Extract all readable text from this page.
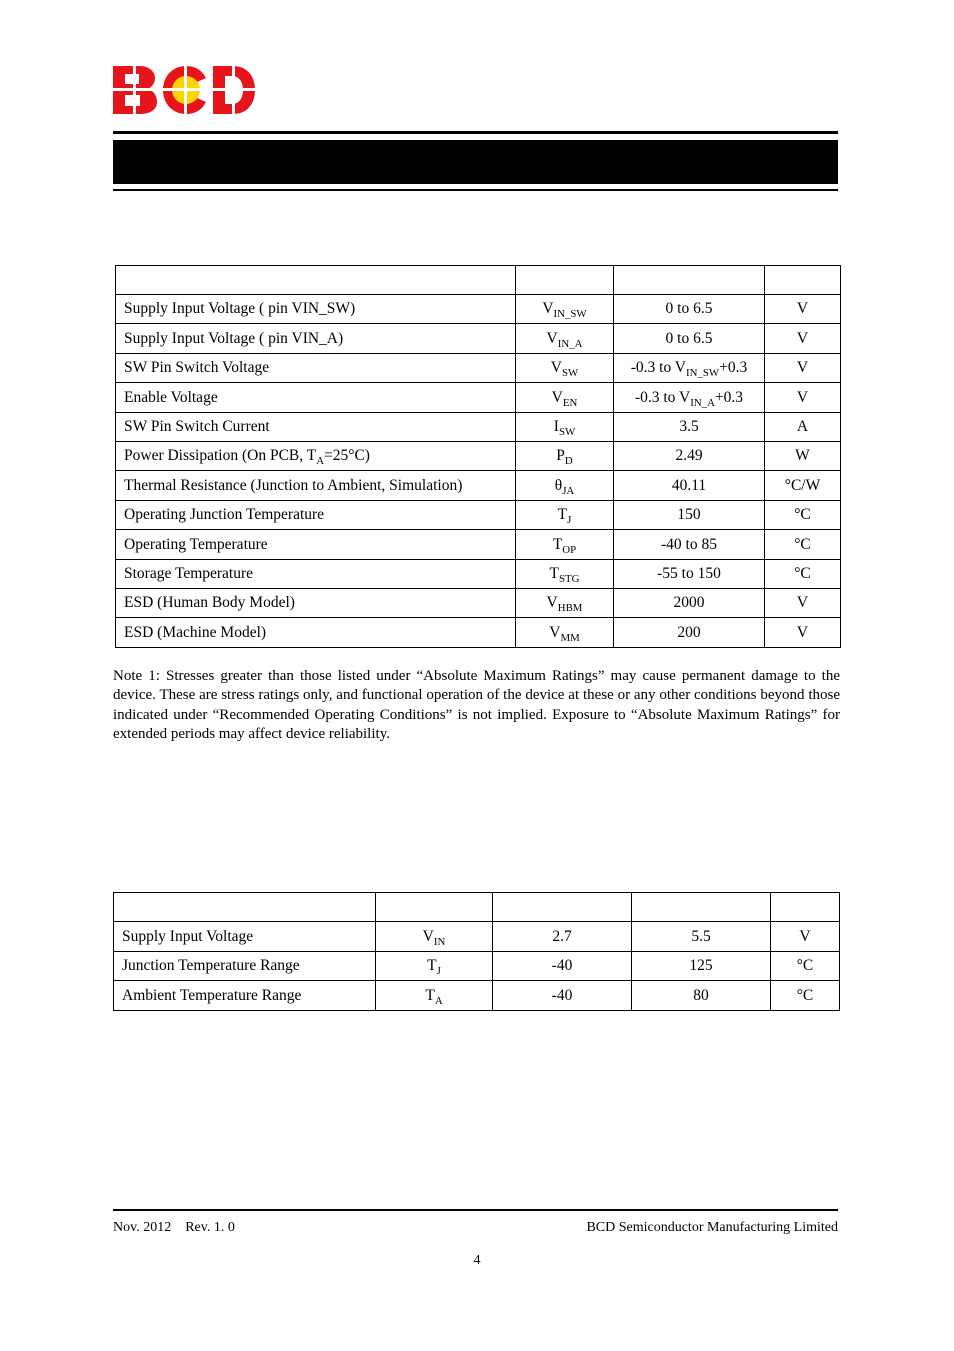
Supply Input Voltage ( pin VIN_SW)	$V_{IN\_SW}$	0 to 6.5	V
Supply Input Voltage ( pin VIN_A)	$V_{IN\_A}$	0 to 6.5	V
SW Pin Switch Voltage	$V_{SW}$	-0.3 to $V_{IN\_SW}+0.3$	V
Enable Voltage	$V_{EN}$	-0.3 to $V_{IN\_A}+0.3$	V
SW Pin Switch Current	$I_{SW}$	3.5	A
Power Dissipation (On PCB, $T_A=25^\circ C$)	$P_D$	2.49	W
Thermal Resistance (Junction to Ambient, Simulation)	$\theta_{JA}$	40.11	°C/W
Operating Junction Temperature	$T_J$	150	°C
Operating Temperature	$T_{OP}$	-40 to 85	°C
Storage Temperature	$T_{STG}$	-55 to 150	°C
ESD (Human Body Model)	$V_{HBM}$	2000	V
ESD (Machine Model)	$V_{MM}$	200	V
Note 1: Stresses greater than those listed under “Absolute Maximum Ratings” may cause permanent damage to the device. These are stress ratings only, and functional operation of the device at these or any other conditions beyond those indicated under “Recommended Operating Conditions” is not implied. Exposure to “Absolute Maximum Ratings” for extended periods may affect device reliability.

Supply Input Voltage	$V_{IN}$	2.7	5.5	V
Junction Temperature Range	$T_J$	-40	125	°C
Ambient Temperature Range	$T_A$	-40	80	°C
Nov. 2012 Rev. 1. 0	BCD Semiconductor Manufacturing Limited
4
